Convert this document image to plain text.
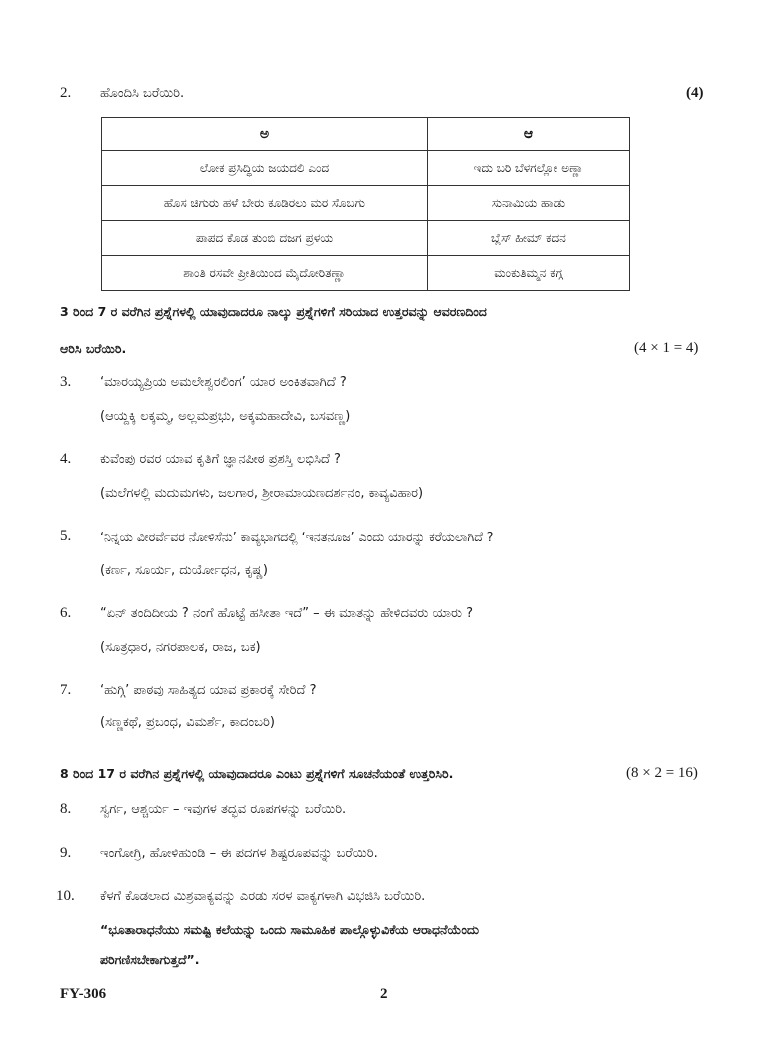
2. ಹೊಂದಿಸಿ ಬರೆಯಿರಿ.	(4)
ಅ	ಆ
ಲೋಕ ಪ್ರಸಿದ್ಧಿಯ ಜಯದಲಿ ಎಂದ	ಇದು ಬರಿ ಬೆಳಗಲ್ಲೋ ಅಣ್ಣಾ
ಹೊಸ ಚಿಗುರು ಹಳೆ ಬೇರು ಕೂಡಿರಲು ಮರ ಸೊಬಗು	ಸುನಾಮಿಯ ಹಾಡು
ಪಾಪದ ಕೊಡ ತುಂಬಿ ದಜಗ ಪ್ರಳಯ	ಬ್ಲೆಸ್ ಹೀಮ್ ಕದನ
ಶಾಂತಿ ರಸವೇ ಪ್ರೀತಿಯಿಂದ ಮೈದೋರಿತಣ್ಣಾ	ಮಂಕುತಿಮ್ಮನ ಕಗ್ಗ
3 ರಿಂದ 7 ರ ವರೆಗಿನ ಪ್ರಶ್ನೆಗಳಲ್ಲಿ ಯಾವುದಾದರೂ ನಾಲ್ಕು ಪ್ರಶ್ನೆಗಳಿಗೆ ಸರಿಯಾದ ಉತ್ತರವನ್ನು ಆವರಣದಿಂದ
ಆರಿಸಿ ಬರೆಯಿರಿ.	(4 × 1 = 4)
3. ‘ಮಾರಯ್ಯಪ್ರಿಯ ಅಮಲೇಶ್ವರಲಿಂಗ’ ಯಾರ ಅಂಕಿತವಾಗಿದೆ ?
(ಆಯ್ದಕ್ಕಿ ಲಕ್ಕಮ್ಮ, ಅಲ್ಲಮಪ್ರಭು, ಅಕ್ಕಮಹಾದೇವಿ, ಬಸವಣ್ಣ)
4. ಕುವೆಂಪು ರವರ ಯಾವ ಕೃತಿಗೆ ಜ್ಞಾನಪೀಠ ಪ್ರಶಸ್ತಿ ಲಭಿಸಿದೆ ?
(ಮಲೆಗಳಲ್ಲಿ ಮದುಮಗಳು, ಜಲಗಾರ, ಶ್ರೀರಾಮಾಯಣದರ್ಶನಂ, ಕಾವ್ಯವಿಹಾರ)
5. ‘ನಿನ್ನಯ ವೀರರ್ವೆವರ ನೋಳಿಸೆನು’ ಕಾವ್ಯಭಾಗದಲ್ಲಿ ‘ಇನತನೂಜ’ ಎಂದು ಯಾರನ್ನು ಕರೆಯಲಾಗಿದೆ ?
(ಕರ್ಣ, ಸೂರ್ಯ, ದುರ್ಯೋಧನ, ಕೃಷ್ಣ)
6. “ಏನ್ ತಂದಿದೀಯ ? ನಂಗೆ ಹೊಟ್ಟೆ ಹಸೀತಾ ಇದೆ” – ಈ ಮಾತನ್ನು ಹೇಳಿದವರು ಯಾರು ?
(ಸೂತ್ರಧಾರ, ನಗರಪಾಲಕ, ರಾಜ, ಬಕ)
7. ‘ಹುಗ್ಗಿ’ ಪಾಠವು ಸಾಹಿತ್ಯದ ಯಾವ ಪ್ರಕಾರಕ್ಕೆ ಸೇರಿದೆ ?
(ಸಣ್ಣಕಥೆ, ಪ್ರಬಂಧ, ವಿಮರ್ಶೆ, ಕಾದಂಬರಿ)
8 ರಿಂದ 17 ರ ವರೆಗಿನ ಪ್ರಶ್ನೆಗಳಲ್ಲಿ ಯಾವುದಾದರೂ ಎಂಟು ಪ್ರಶ್ನೆಗಳಿಗೆ ಸೂಚನೆಯಂತೆ ಉತ್ತರಿಸಿರಿ.	(8 × 2 = 16)
8. ಸ್ವರ್ಗ, ಆಶ್ಚರ್ಯ – ಇವುಗಳ ತದ್ಭವ ರೂಪಗಳನ್ನು ಬರೆಯಿರಿ.
9. ಇಂಗೋಗ್ರಿ, ಹೋಳಿಹುಂಡಿ – ಈ ಪದಗಳ ಶಿಷ್ಟರೂಪವನ್ನು ಬರೆಯಿರಿ.
10. ಕೆಳಗೆ ಕೊಡಲಾದ ಮಿಶ್ರವಾಕ್ಯವನ್ನು ಎರಡು ಸರಳ ವಾಕ್ಯಗಳಾಗಿ ವಿಭಜಿಸಿ ಬರೆಯಿರಿ.
“ಭೂತಾರಾಧನೆಯು ಸಮಷ್ಟಿ ಕಲೆಯನ್ನು ಒಂದು ಸಾಮೂಹಿಕ ಪಾಲ್ಗೊಳ್ಳುವಿಕೆಯ ಆರಾಧನೆಯೆಂದು
ಪರಿಗಣಿಸಬೇಕಾಗುತ್ತದೆ”.
FY-306	2
